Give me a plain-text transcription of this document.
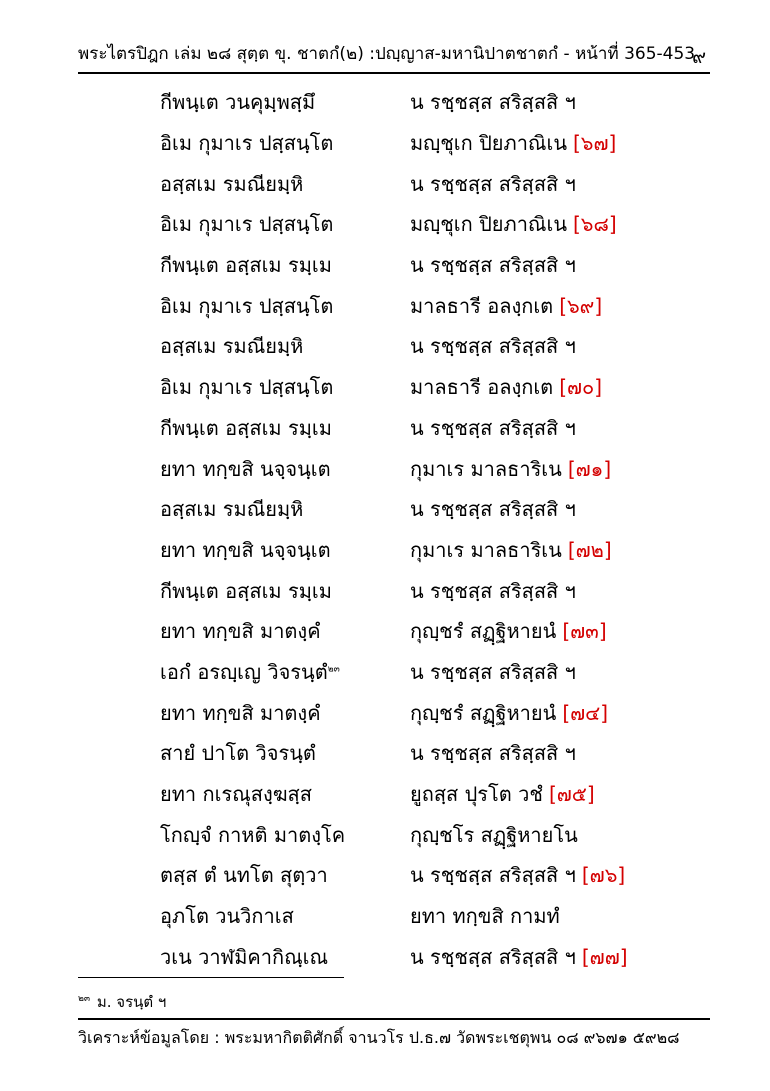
พระไตรปิฎก เล่ม ๒๘ สุตฺต ขุ. ชาตกํ(๒) :ปญฺญาส-มหานิปาตชาตกํ - หน้าที่ 365-453
๙
กีพนฺเต วนคุมฺพสฺมึ	น รชฺชสฺส สริสฺสสิ ฯ
อิเม กุมาเร ปสฺสนฺโต	มญฺชุเก ปิยภาณิเน [๖๗]
อสฺสเม รมณียมฺหิ	น รชฺชสฺส สริสฺสสิ ฯ
อิเม กุมาเร ปสฺสนฺโต	มญฺชุเก ปิยภาณิเน [๖๘]
กีพนฺเต อสฺสเม รมฺเม	น รชฺชสฺส สริสฺสสิ ฯ
อิเม กุมาเร ปสฺสนฺโต	มาลธารี อลงฺกเต [๖๙]
อสฺสเม รมณียมฺหิ	น รชฺชสฺส สริสฺสสิ ฯ
อิเม กุมาเร ปสฺสนฺโต	มาลธารี อลงฺกเต [๗๐]
กีพนฺเต อสฺสเม รมฺเม	น รชฺชสฺส สริสฺสสิ ฯ
ยทา ทกฺขสิ นจฺจนฺเต	กุมาเร มาลธาริเน [๗๑]
อสฺสเม รมณียมฺหิ	น รชฺชสฺส สริสฺสสิ ฯ
ยทา ทกฺขสิ นจฺจนฺเต	กุมาเร มาลธาริเน [๗๒]
กีพนฺเต อสฺสเม รมฺเม	น รชฺชสฺส สริสฺสสิ ฯ
ยทา ทกฺขสิ มาตงฺคํ	กุญฺชรํ สฏฺฐิหายนํ [๗๓]
เอกํ อรญฺเญ วิจรนฺตํ$^{๒๓}$	น รชฺชสฺส สริสฺสสิ ฯ
ยทา ทกฺขสิ มาตงฺคํ	กุญฺชรํ สฏฺฐิหายนํ [๗๔]
สายํ ปาโต วิจรนฺตํ	น รชฺชสฺส สริสฺสสิ ฯ
ยทา กเรณุสงฺฆสฺส	ยูถสฺส ปุรโต วชํ [๗๕]
โกญฺจํ กาหติ มาตงฺโค	กุญฺชโร สฏฺฐิหายโน
ตสฺส ตํ นทโต สุตฺวา	น รชฺชสฺส สริสฺสสิ ฯ [๗๖]
อุภโต วนวิกาเส	ยทา ทกฺขสิ กามทํ
วเน วาฬมิคากิณฺเณ	น รชฺชสฺส สริสฺสสิ ฯ [๗๗]
$^{๒๓}$ ม. จรนฺตํ ฯ
วิเคราะห์ข้อมูลโดย : พระมหากิตติศักดิ์ จานวโร ป.ธ.๗ วัดพระเชตุพน ๐๘ ๙๖๗๑ ๕๙๒๘
